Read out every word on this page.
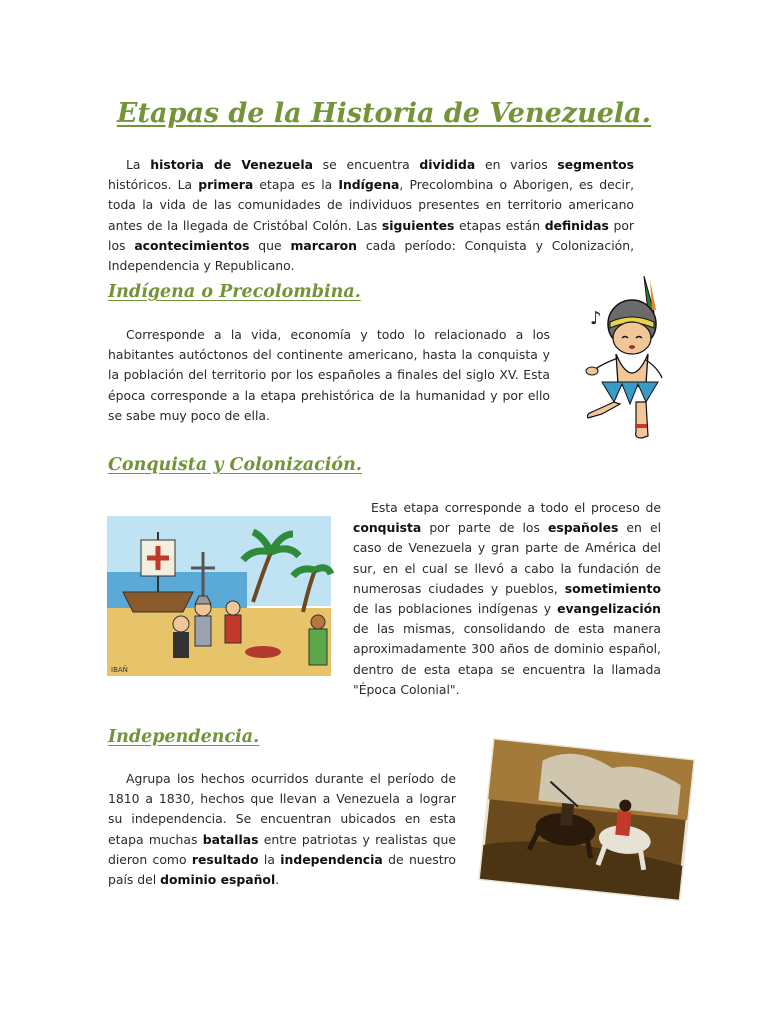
Etapas de la Historia de Venezuela.

La historia de Venezuela se encuentra dividida en varios segmentos históricos. La primera etapa es la Indígena, Precolombina o Aborigen, es decir, toda la vida de las comunidades de individuos presentes en territorio americano antes de la llegada de Cristóbal Colón. Las siguientes etapas están definidas por los acontecimientos que marcaron cada período: Conquista y Colonización, Independencia y Republicano.

Indígena o Precolombina.

Corresponde a la vida, economía y todo lo relacionado a los habitantes autóctonos del continente americano, hasta la conquista y la población del territorio por los españoles a finales del siglo XV. Esta época corresponde a la etapa prehistórica de la humanidad y por ello se sabe muy poco de ella.

♪
Conquista y Colonización.
IBAÑ

Esta etapa corresponde a todo el proceso de conquista por parte de los españoles en el caso de Venezuela y gran parte de América del sur, en el cual se llevó a cabo la fundación de numerosas ciudades y pueblos, sometimiento de las poblaciones indígenas y evangelización de las mismas, consolidando de esta manera aproximadamente 300 años de dominio español, dentro de esta etapa se encuentra la llamada "Época Colonial".

Independencia.

Agrupa los hechos ocurridos durante el período de 1810 a 1830, hechos que llevan a Venezuela a lograr su independencia. Se encuentran ubicados en esta etapa muchas batallas entre patriotas y realistas que dieron como resultado la independencia de nuestro país del dominio español.
